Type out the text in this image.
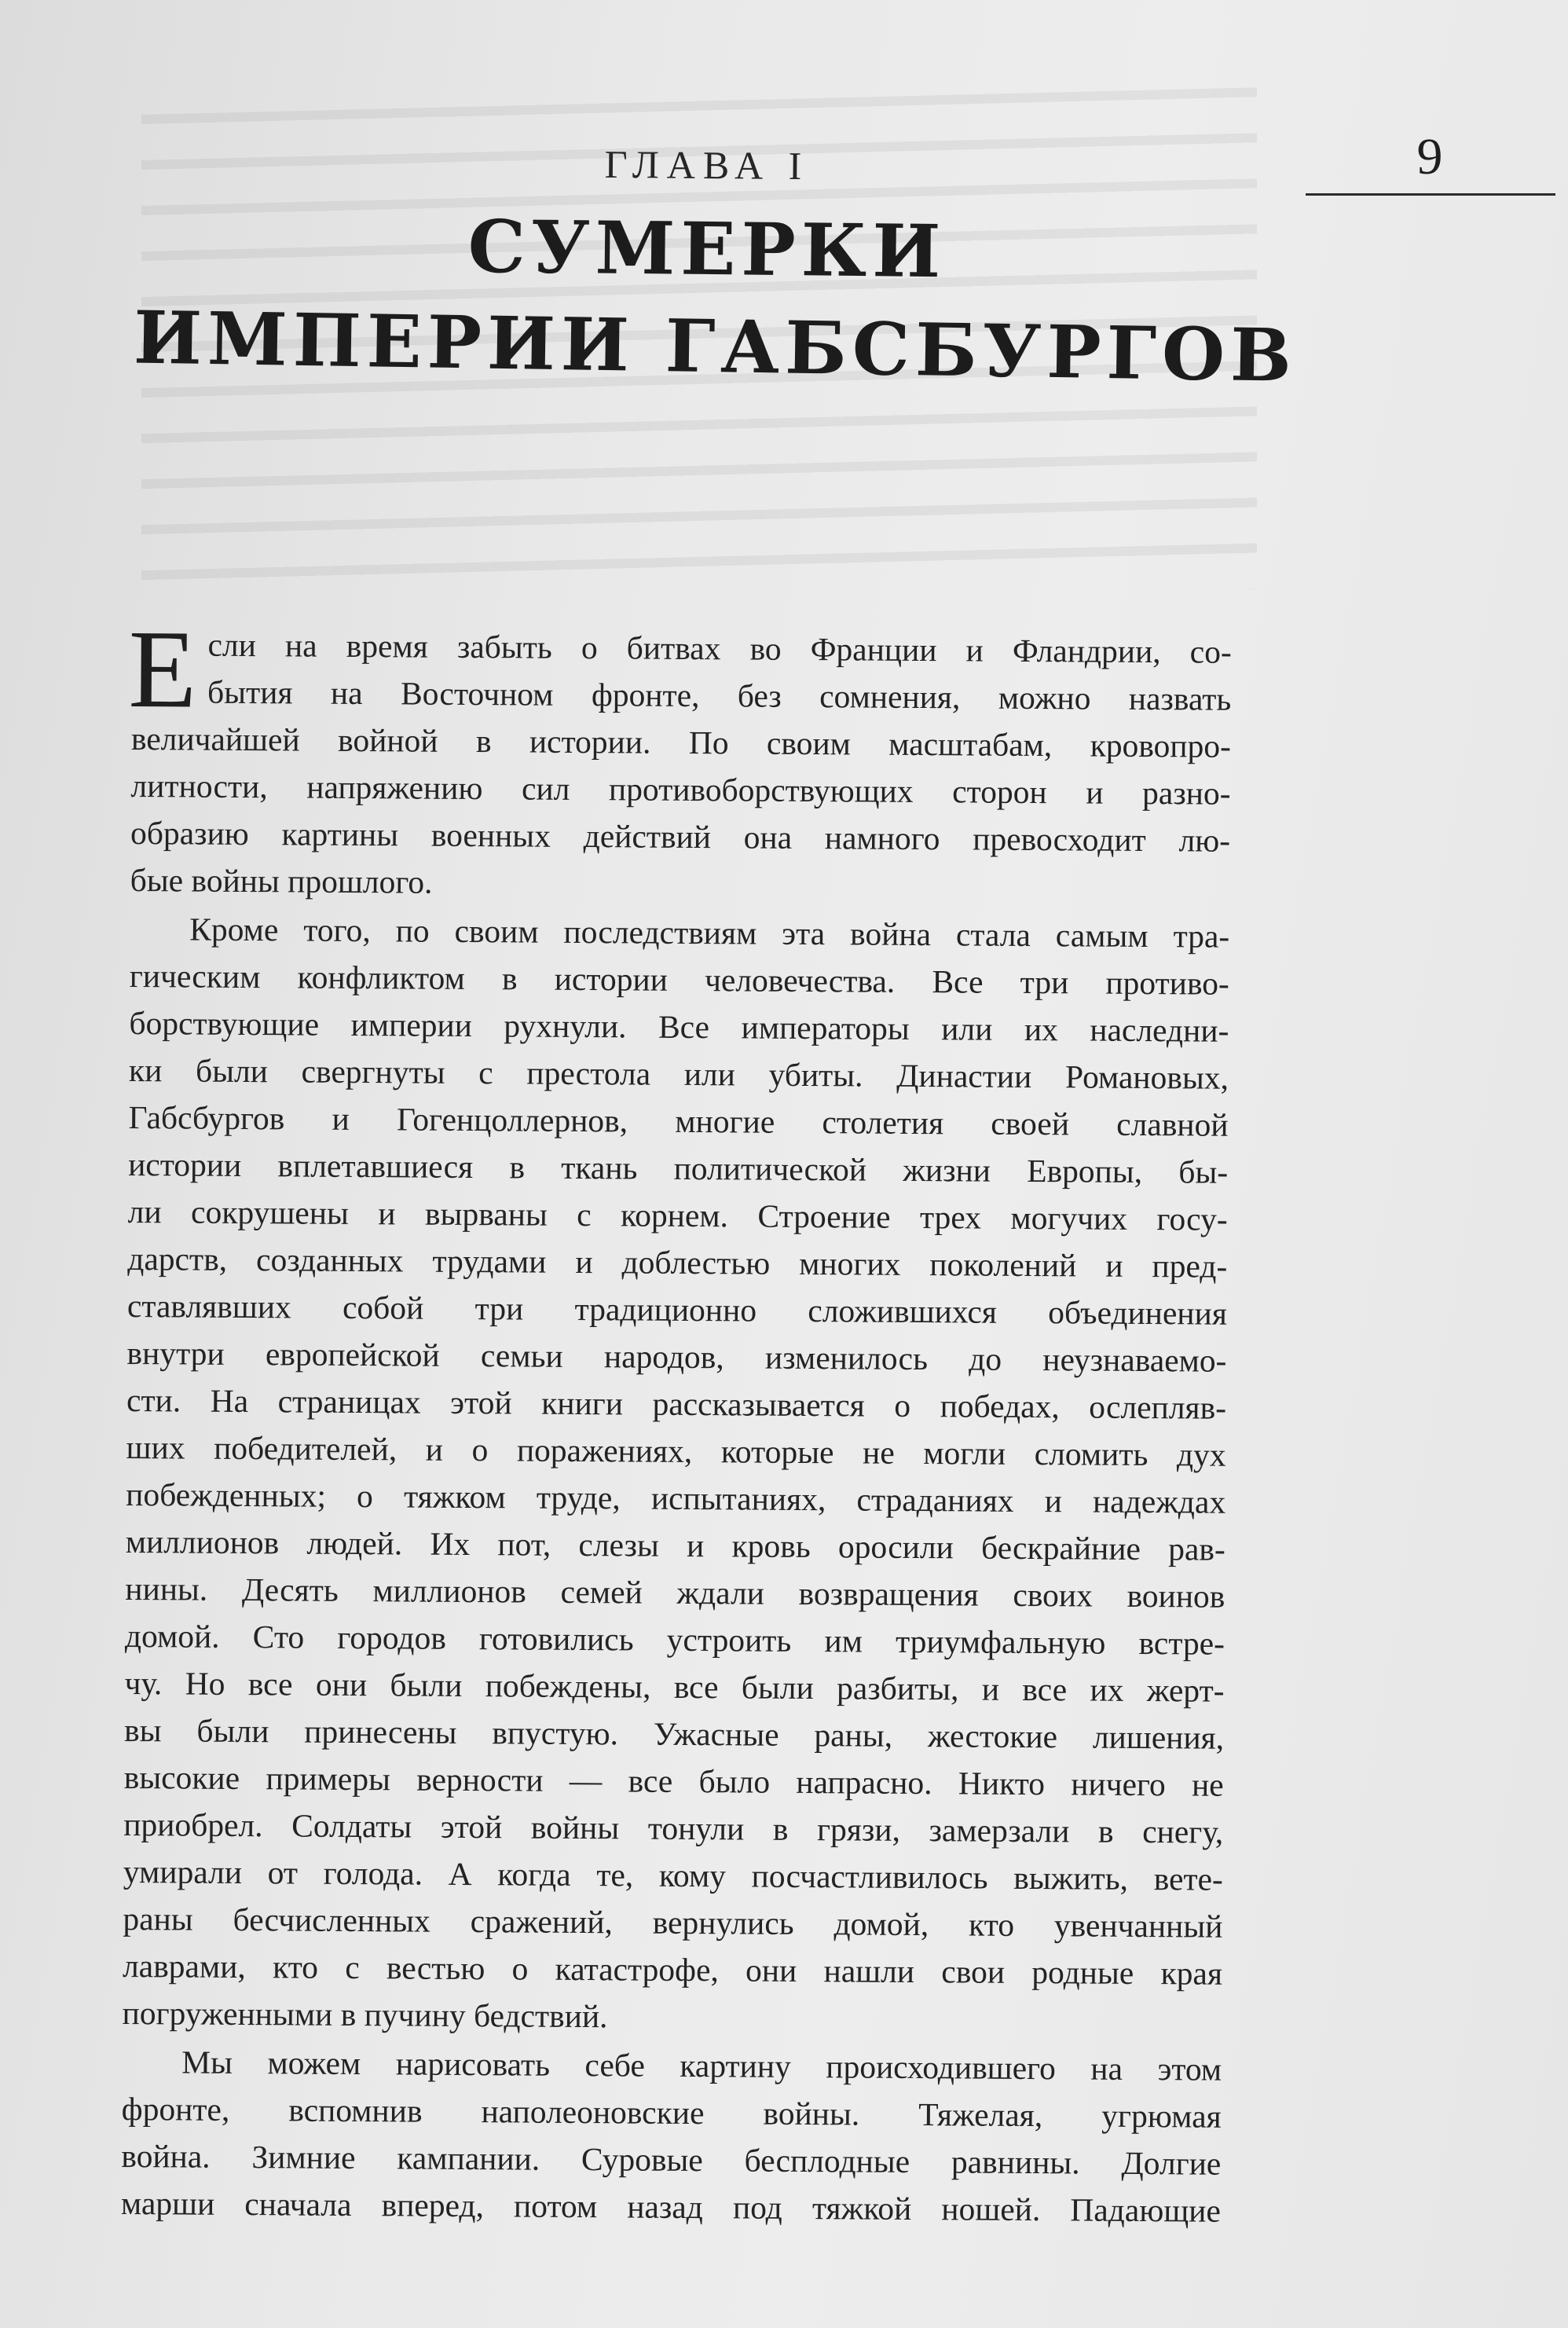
9
ГЛАВА I
СУМЕРКИ
ИМПЕРИИ ГАБСБУРГОВ
Е сли на время забыть о битвах во Франции и Фландрии, со-
бытия на Восточном фронте, без сомнения, можно назвать
величайшей войной в истории. По своим масштабам, кровопро-
литности, напряжению сил противоборствующих сторон и разно-
образию картины военных действий она намного превосходит лю-
бые войны прошлого.
Кроме того, по своим последствиям эта война стала самым тра-
гическим конфликтом в истории человечества. Все три противо-
борствующие империи рухнули. Все императоры или их наследни-
ки были свергнуты с престола или убиты. Династии Романовых,
Габсбургов и Гогенцоллернов, многие столетия своей славной
истории вплетавшиеся в ткань политической жизни Европы, бы-
ли сокрушены и вырваны с корнем. Строение трех могучих госу-
дарств, созданных трудами и доблестью многих поколений и пред-
ставлявших собой три традиционно сложившихся объединения
внутри европейской семьи народов, изменилось до неузнаваемо-
сти. На страницах этой книги рассказывается о победах, ослепляв-
ших победителей, и о поражениях, которые не могли сломить дух
побежденных; о тяжком труде, испытаниях, страданиях и надеждах
миллионов людей. Их пот, слезы и кровь оросили бескрайние рав-
нины. Десять миллионов семей ждали возвращения своих воинов
домой. Сто городов готовились устроить им триумфальную встре-
чу. Но все они были побеждены, все были разбиты, и все их жерт-
вы были принесены впустую. Ужасные раны, жестокие лишения,
высокие примеры верности — все было напрасно. Никто ничего не
приобрел. Солдаты этой войны тонули в грязи, замерзали в снегу,
умирали от голода. А когда те, кому посчастливилось выжить, вете-
раны бесчисленных сражений, вернулись домой, кто увенчанный
лаврами, кто с вестью о катастрофе, они нашли свои родные края
погруженными в пучину бедствий.
Мы можем нарисовать себе картину происходившего на этом
фронте, вспомнив наполеоновские войны. Тяжелая, угрюмая
война. Зимние кампании. Суровые бесплодные равнины. Долгие
марши сначала вперед, потом назад под тяжкой ношей. Падающие
